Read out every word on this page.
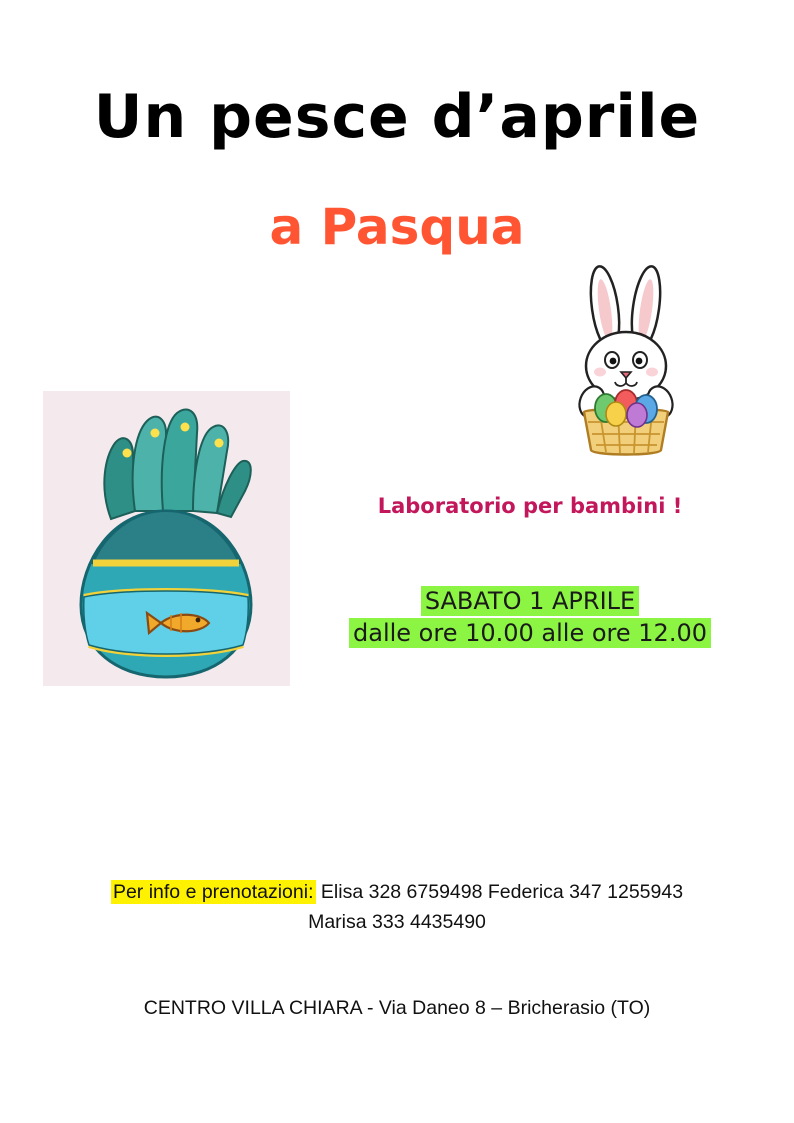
Un pesce d’aprile
a Pasqua
Laboratorio per bambini !
SABATO 1 APRILE
dalle ore 10.00 alle ore 12.00
Per info e prenotazioni: Elisa 328 6759498 Federica 347 1255943
Marisa 333 4435490
CENTRO VILLA CHIARA - Via Daneo 8 – Bricherasio (TO)
